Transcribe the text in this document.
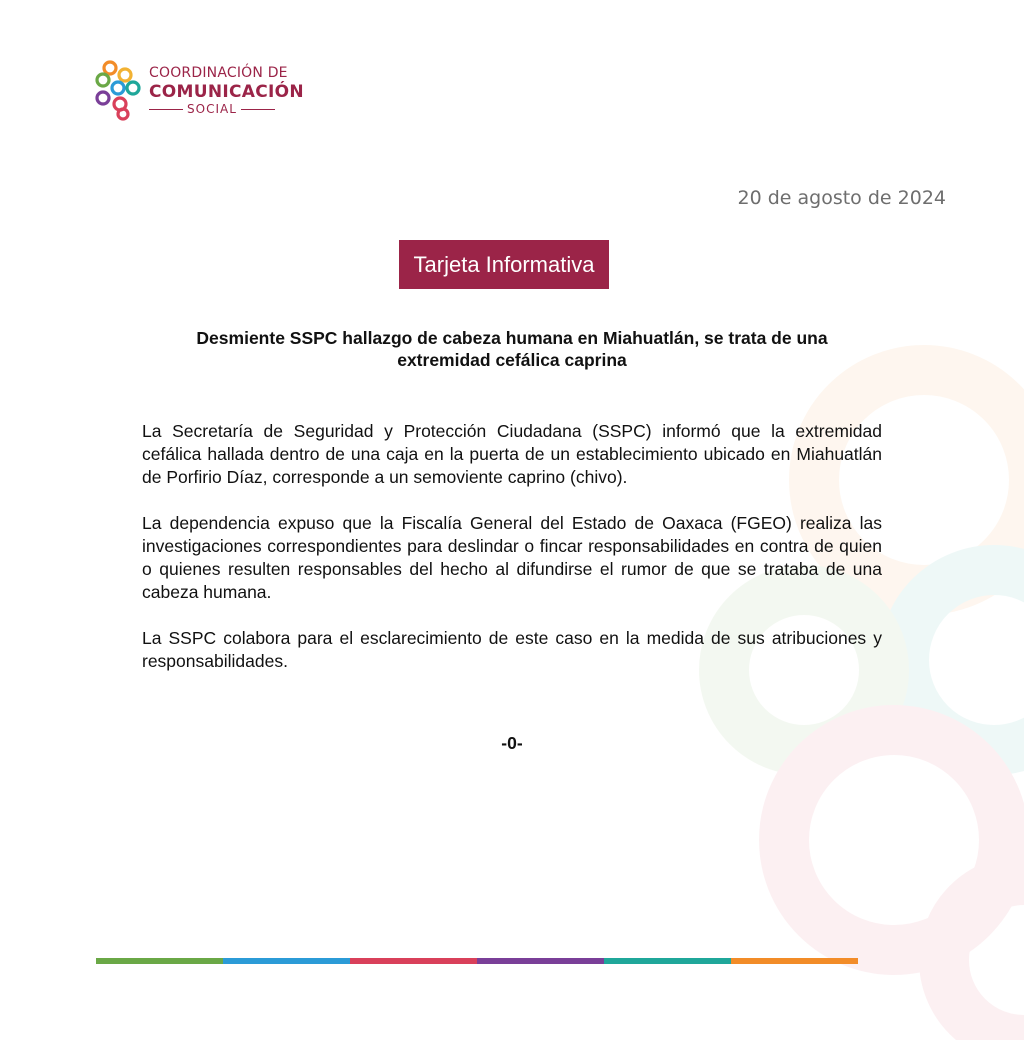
COORDINACIÓN DE
COMUNICACIÓN
SOCIAL
20 de agosto de 2024
Tarjeta Informativa
Desmiente SSPC hallazgo de cabeza humana en Miahuatlán, se trata de una
extremidad cefálica caprina

La Secretaría de Seguridad y Protección Ciudadana (SSPC) informó que la extremidad cefálica hallada dentro de una caja en la puerta de un establecimiento ubicado en Miahuatlán de Porfirio Díaz, corresponde a un semoviente caprino (chivo).

La dependencia expuso que la Fiscalía General del Estado de Oaxaca (FGEO) realiza las investigaciones correspondientes para deslindar o fincar responsabilidades en contra de quien o quienes resulten responsables del hecho al difundirse el rumor de que se trataba de una cabeza humana.

La SSPC colabora para el esclarecimiento de este caso en la medida de sus atribuciones y responsabilidades.

-0-
